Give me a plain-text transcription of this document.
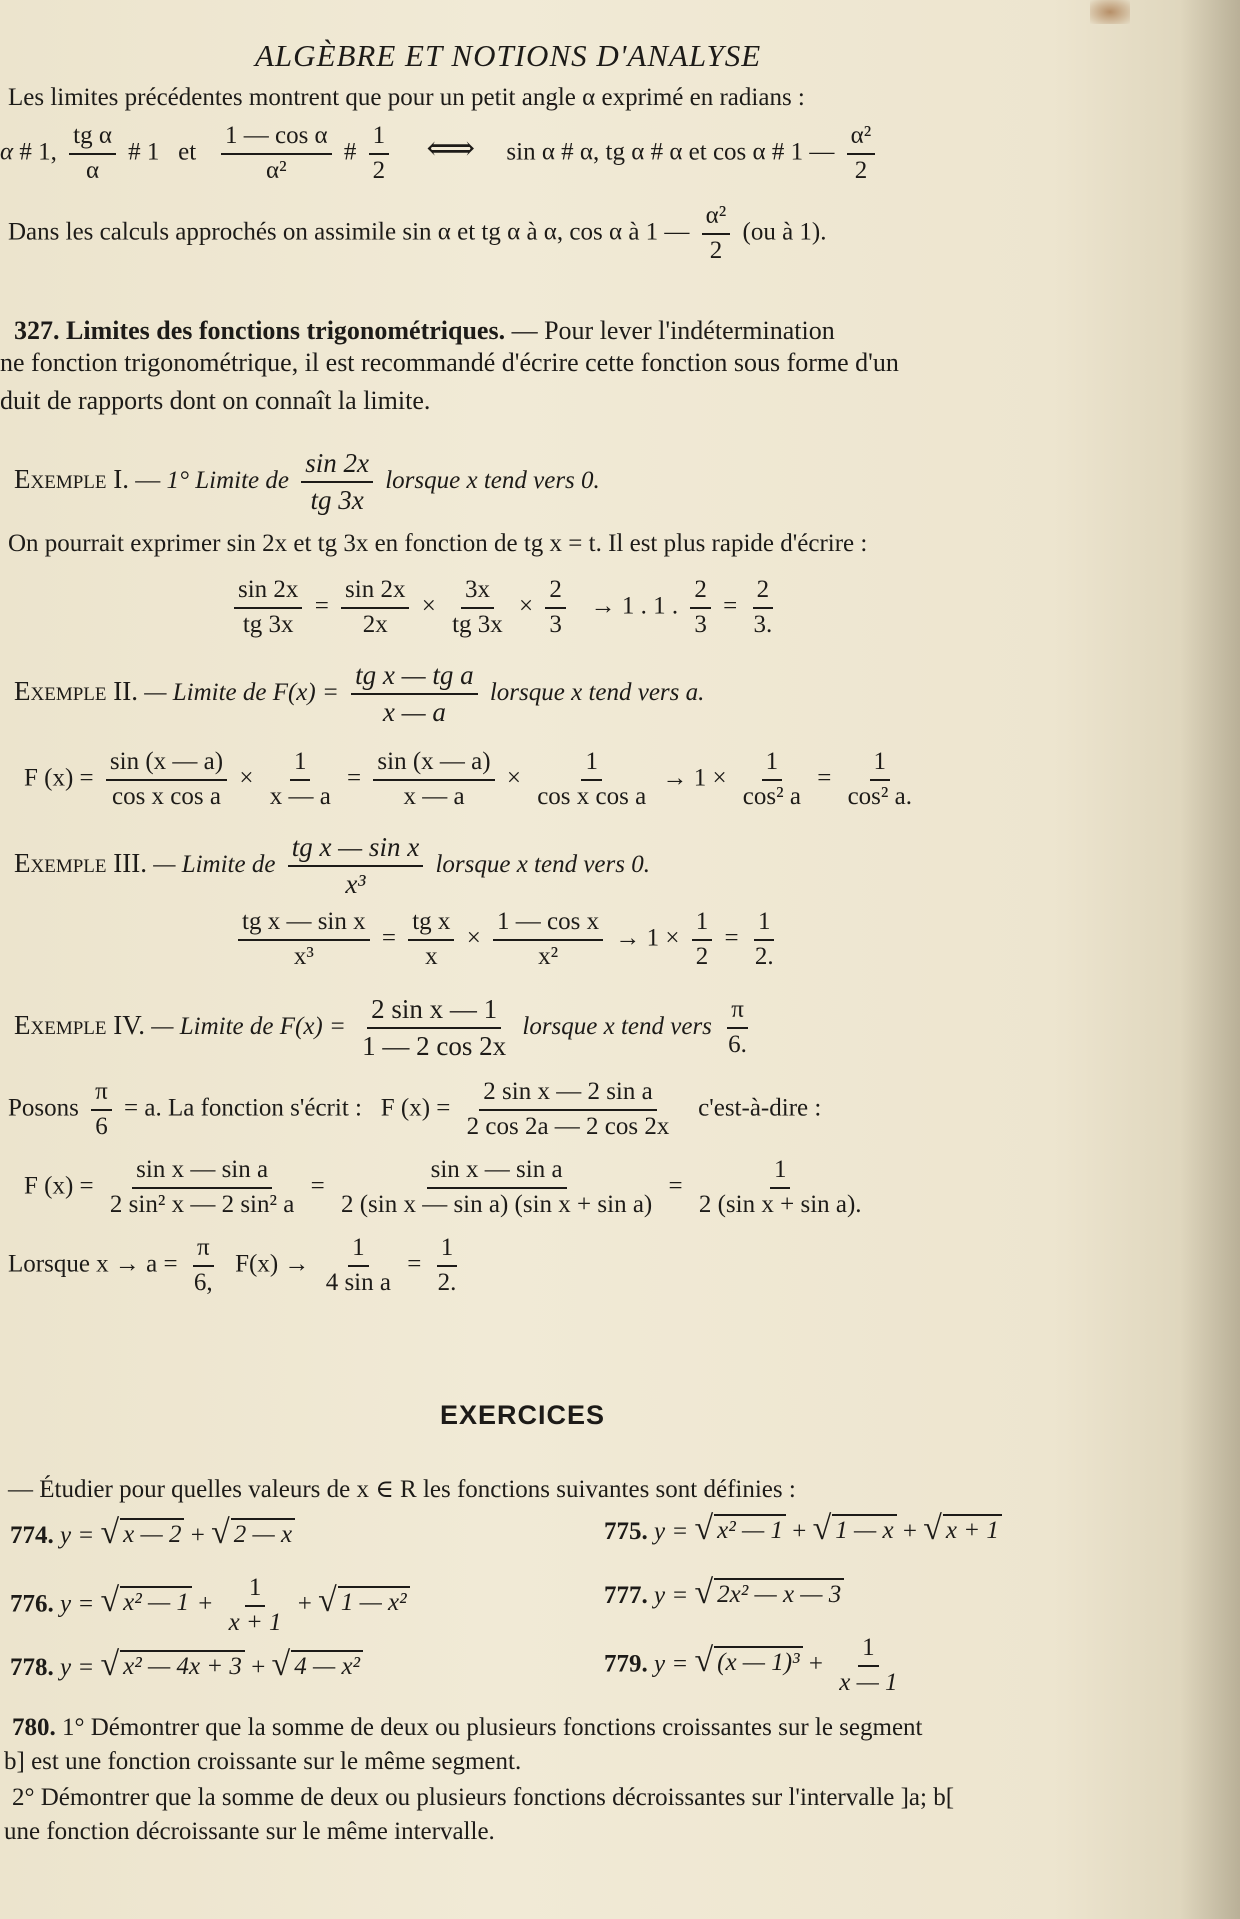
ALGÈBRE ET NOTIONS D'ANALYSE
Les limites précédentes montrent que pour un petit angle α exprimé en radians :
α # 1, $\frac{\text{tg α}}{\alpha}$ # 1 et $\frac{\text{1 — cos α}}{\text{α²}}$ # $\frac{1}{2}$ ⟺ sin α # α, tg α # α et cos α # 1 — $\frac{\text{α²}}{2}$
Dans les calculs approchés on assimile sin α et tg α à α, cos α à 1 — $\frac{\text{α²}}{2} (ou$ à 1).
327. Limites des fonctions trigonométriques. — Pour lever l'indétermination
ne fonction trigonométrique, il est recommandé d'écrire cette fonction sous forme d'un
duit de rapports dont on connaît la limite.
Exemple I. — 1° Limite de $\frac{\sin 2x}{tg 3x}$ lorsque x tend vers 0.
On pourrait exprimer sin 2x et tg 3x en fonction de tg x = t. Il est plus rapide d'écrire :
$\frac{\sin 2x}{tg 3x} = \frac{\sin 2x}{2x} \times \frac{3x}{tg 3x} \times \frac{2}{3} \to 1$ . 1 . $\frac{2}{3} = \frac{2}{3.}$
Exemple II. — Limite de $F(x) = \frac{\text{tg x — tg a}}{x — a}$ lorsque x tend vers a.
F $(x) = \frac{\sin (x — a)}{\text{cos x cos a}} \times \frac{1}{x — a} = \frac{\sin (x — a)}{x — a} \times \frac{1}{\text{cos x cos a}} \to 1 \times \frac{1}{\text{cos² a}} = \frac{1}{\text{cos² a.}}$
Exemple III. — Limite de $\frac{\text{tg x — sin x}}{\text{x³}}$ lorsque x tend vers 0.
$\frac{\text{tg x — sin x}}{\text{x³}} = \frac{\text{tg x}}{x} \times \frac{\text{1 — cos x}}{\text{x²}} \to 1 \times \frac{1}{2} = \frac{1}{2.}$
Exemple IV. — Limite de $F(x) = \frac{\text{2 sin x — 1}}{1 — 2 \cos 2x}$ lorsque x tend vers $\frac{\pi}{6.}$
Posons $\frac{\pi}{6} = a$. La fonction s'écrit : F $(x) = \frac{\text{2 sin x — 2 sin a}}{2 \cos 2a — 2 \cos 2x}$ c'est-à-dire :
F $(x) = \frac{\text{sin x — sin a}}{\text{2 sin² x — 2 sin² a}} = \frac{\text{sin x — sin a}}{\text{2 (sin x — sin a) (sin x + sin a)}} = \frac{1}{\text{2 (sin x + sin a).}}$
Lorsque $x \to a = \frac{\pi}{6,} F(x) \to \frac{1}{\text{4 sin a}} = \frac{1}{2.}$
EXERCICES
— Étudier pour quelles valeurs de x ∈ R les fonctions suivantes sont définies :
774. y = √ x — 2 + √ 2 — x	775. y = √ x² — 1 + √ 1 — x + √ x + 1
776. y = √ x² — $1 + \frac{1}{x + 1}$ + √ 1 — x²	777. y = √ 2x² — x — 3
778. y = √ x² — 4x + 3 + √ 4 — x²	779. y = √ (x — $1)^3 + \frac{1}{x — 1}$
780. 1° Démontrer que la somme de deux ou plusieurs fonctions croissantes sur le segment
b] est une fonction croissante sur le même segment.
2° Démontrer que la somme de deux ou plusieurs fonctions décroissantes sur l'intervalle ]a; b[
une fonction décroissante sur le même intervalle.
